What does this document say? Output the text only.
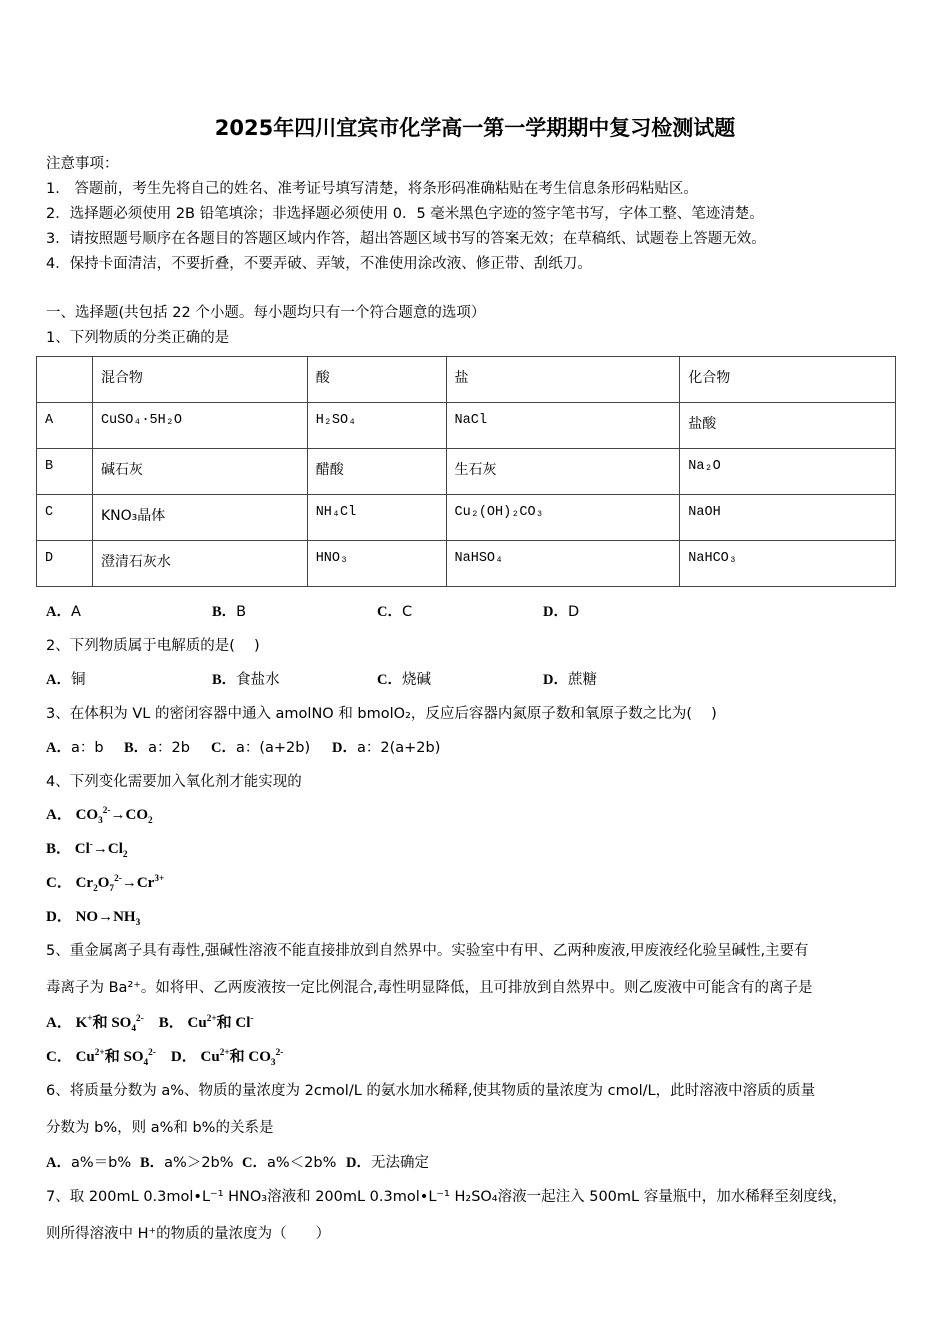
2025年四川宜宾市化学高一第一学期期中复习检测试题
注意事项：
1.　答题前，考生先将自己的姓名、准考证号填写清楚，将条形码准确粘贴在考生信息条形码粘贴区。
2．选择题必须使用 2B 铅笔填涂；非选择题必须使用 0．5 毫米黑色字迹的签字笔书写，字体工整、笔迹清楚。
3．请按照题号顺序在各题目的答题区域内作答，超出答题区域书写的答案无效；在草稿纸、试题卷上答题无效。
4．保持卡面清洁，不要折叠，不要弄破、弄皱，不准使用涂改液、修正带、刮纸刀。
一、选择题(共包括 22 个小题。每小题均只有一个符合题意的选项）
1、下列物质的分类正确的是
	混合物	酸	盐	化合物
A	CuSO₄·5H₂O	H₂SO₄	NaCl	盐酸
B	碱石灰	醋酸	生石灰	Na₂O
C	KNO₃晶体	NH₄Cl	Cu₂(OH)₂CO₃	NaOH
D	澄清石灰水	HNO₃	NaHSO₄	NaHCO₃
A．A	B．B	C．C	D．D
2、下列物质属于电解质的是(　 )
A．铜	B．食盐水	C．烧碱	D．蔗糖
3、在体积为 VL 的密闭容器中通入 amolNO 和 bmolO₂，反应后容器内氮原子数和氧原子数之比为(　 )
A．a：b B．a：2b C．a：(a+2b) D．a：2(a+2b)
4、下列变化需要加入氧化剂才能实现的
A． $CO_3^{2-}\to CO_2$
B． $Cl^-\to Cl_2$
C． $Cr_2O_7^{2-}\to Cr^{3+}$
D． $NO\to NH_3$
5、重金属离子具有毒性,强碱性溶液不能直接排放到自然界中。实验室中有甲、乙两种废液,甲废液经化验呈碱性,主要有
毒离子为 Ba²⁺。如将甲、乙两废液按一定比例混合,毒性明显降低，且可排放到自然界中。则乙废液中可能含有的离子是
A． K+和 $SO_4^{2-}$ B． $Cu^{2+}$和 Cl-
C． $Cu^{2+}$和 $SO_4^{2-}$ D． $Cu^{2+}$和 $CO_3^{2-}$
6、将质量分数为 a%、物质的量浓度为 2cmol/L 的氨水加水稀释,使其物质的量浓度为 cmol/L，此时溶液中溶质的质量
分数为 b%，则 a%和 b%的关系是
A．a%＝b% B．a%＞2b% C．a%＜2b% D．无法确定
7、取 200mL 0.3mol•L⁻¹ HNO₃溶液和 200mL 0.3mol•L⁻¹ H₂SO₄溶液一起注入 500mL 容量瓶中，加水稀释至刻度线，
则所得溶液中 H⁺的物质的量浓度为（　　）
